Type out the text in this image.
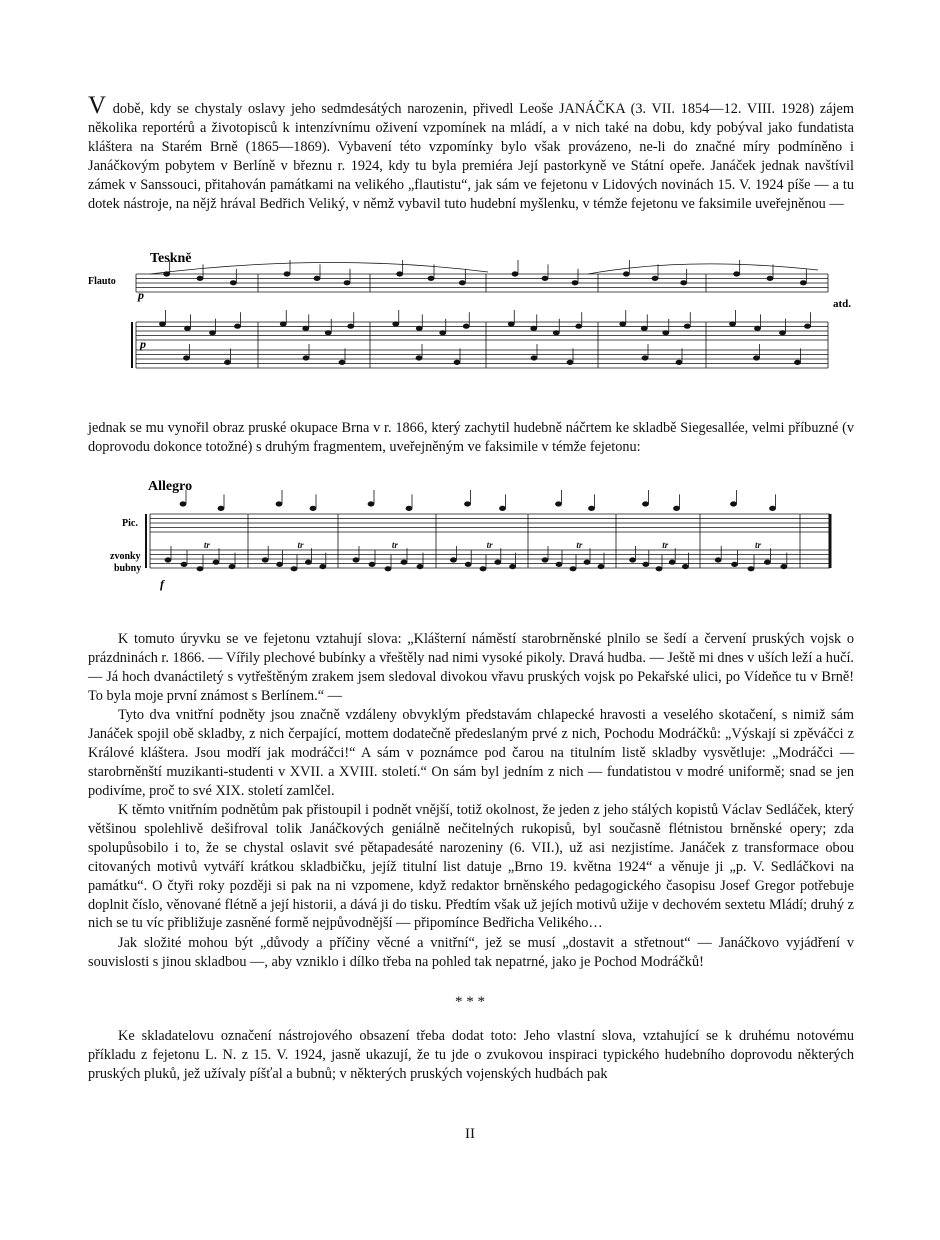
V době, kdy se chystaly oslavy jeho sedmdesátých narozenin, přivedl Leoše JANÁČKA (3. VII. 1854—12. VIII. 1928) zájem několika reportérů a životopisců k intenzívnímu oživení vzpomínek na mládí, a v nich také na dobu, kdy pobýval jako fundatista kláštera na Starém Brně (1865—1869). Vybavení této vzpomínky bylo však provázeno, ne-li do značné míry podmíněno i Janáčkovým pobytem v Berlíně v březnu r. 1924, kdy tu byla premiéra Její pastorkyně ve Státní opeře. Janáček jednak navštívil zámek v Sanssouci, přitahován památkami na velikého „flautistu“, jak sám ve fejetonu v Lidových novinách 15. V. 1924 píše — a tu dotek nástroje, na nějž hrával Bedřich Veliký, v němž vybavil tuto hudební myšlenku, v témže fejetonu ve faksimile uveřejněnou —

Teskně
Flauto
atd.
p
p

jednak se mu vynořil obraz pruské okupace Brna v r. 1866, který zachytil hudebně náčrtem ke skladbě Siegesallée, velmi příbuzné (v doprovodu dokonce totožné) s druhým fragmentem, uveřejněným ve faksimile v témže fejetonu:

Allegro
Pic.
zvonky
bubny
f
tr	tr	tr	tr	tr	tr	tr

K tomuto úryvku se ve fejetonu vztahují slova: „Klášterní náměstí starobrněnské plnilo se šedí a červení pruských vojsk o prázdninách r. 1866. — Vířily plechové bubínky a vřeštěly nad nimi vysoké pikoly. Dravá hudba. — Ještě mi dnes v uších leží a hučí. — Já hoch dvanáctiletý s vytřeštěným zrakem jsem sledoval divokou vřavu pruských vojsk po Pekařské ulici, po Vídeňce tu v Brně! To byla moje první známost s Berlínem.“ —

Tyto dva vnitřní podněty jsou značně vzdáleny obvyklým představám chlapecké hravosti a veselého skotačení, s nimiž sám Janáček spojil obě skladby, z nich čerpající, mottem dodatečně předeslaným prvé z nich, Pochodu Modráčků: „Výskají si zpěváčci z Králové kláštera. Jsou modří jak modráčci!“ A sám v poznámce pod čarou na titulním listě skladby vysvětluje: „Modráčci — starobrněnští muzikanti-studenti v XVII. a XVIII. století.“ On sám byl jedním z nich — fundatistou v modré uniformě; snad se jen podivíme, proč to své XIX. století zamlčel.

K těmto vnitřním podnětům pak přistoupil i podnět vnější, totiž okolnost, že jeden z jeho stálých kopistů Václav Sedláček, který většinou spolehlivě dešifroval tolik Janáčkových geniálně nečitelných rukopisů, byl současně flétnistou brněnské opery; zda spolupůsobilo i to, že se chystal oslavit své pětapadesáté narozeniny (6. VII.), už asi nezjistíme. Janáček z transformace obou citovaných motivů vytváří krátkou skladbičku, jejíž titulní list datuje „Brno 19. května 1924“ a věnuje ji „p. V. Sedláčkovi na památku“. O čtyři roky později si pak na ni vzpomene, když redaktor brněnského pedagogického časopisu Josef Gregor potřebuje doplnit číslo, věnované flétně a její historii, a dává ji do tisku. Předtím však už jejích motivů užije v dechovém sextetu Mládí; druhý z nich se tu víc přibližuje zasněné formě nejpůvodnější — připomínce Bedřicha Velikého…

Jak složité mohou být „důvody a příčiny věcné a vnitřní“, jež se musí „dostavit a střetnout“ — Janáčkovo vyjádření v souvislosti s jinou skladbou —, aby vzniklo i dílko třeba na pohled tak nepatrné, jako je Pochod Modráčků!

* * *

Ke skladatelovu označení nástrojového obsazení třeba dodat toto: Jeho vlastní slova, vztahující se k druhému notovému příkladu z fejetonu L. N. z 15. V. 1924, jasně ukazují, že tu jde o zvukovou inspiraci typického hudebního doprovodu některých pruských pluků, jež užívaly píšťal a bubnů; v některých pruských vojenských hudbách pak

II
